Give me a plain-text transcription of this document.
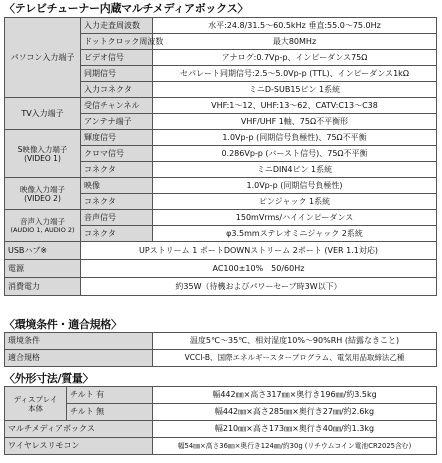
〈テレビチューナー内蔵マルチメディアボックス〉
パソコン入力端子	入力走査周波数	水平:24.8/31.5〜60.5kHz 垂直:55.0〜75.0Hz
	ドットクロック周波数	最大80MHz
	ビデオ信号	アナログ:0.7Vp-p、インピーダンス75Ω
	同期信号	セパレート同期信号:2.5〜5.0Vp-p (TTL)、インピーダンス1kΩ
	入力コネクタ	ミニD-SUB15ピン 1系統
TV入力端子	受信チャンネル	VHF:1〜12、UHF:13〜62、CATV:C13〜C38
	アンテナ端子	VHF/UHF 1軸、75Ω不平衡形

S映像入力端子
(VIDEO 1)	輝度信号	1.0Vp-p (同期信号負極性)、75Ω不平衡
	クロマ信号	0.286Vp-p (バースト信号)、75Ω不平衡
	コネクタ	ミニDIN4ピン 1系統

映像入力端子
(VIDEO 2)	映像	1.0Vp-p (同期信号負極性)
	コネクタ	ピンジャック 1系統

音声入力端子
(AUDIO 1, AUDIO 2)	音声信号	150mVrms/ハイインピーダンス
	コネクタ	φ3.5mmステレオミニジャック 2系統
USBハブ※	UPストリーム 1 ポートDOWNストリーム 2ポート (VER 1.1対応)	
電源	AC100±10%　50/60Hz	
消費電力	約35W（待機およびパワーセーブ時3W以下）	
〈環境条件・適合規格〉
環境条件	温度5℃〜35℃、相対湿度10%〜90%RH (結露なきこと)
適合規格	VCCI-B、国際エネルギースタープログラム、電気用品取締法乙種
〈外形寸法/質量〉
ディスプレイ
本体	チルト 有	幅442㎜×高さ317㎜×奥行き196㎜/約3.5kg
	チルト 無	幅442㎜×高さ285㎜×奥行き27㎜/約2.6kg
マルチメディアボックス		幅210㎜×高さ173㎜×奥行き40㎜/約1.3kg
ワイヤレスリモコン		幅54㎜×高さ36㎜×奥行き124㎜/約30g (リチウムコイン電池CR2025含む)
